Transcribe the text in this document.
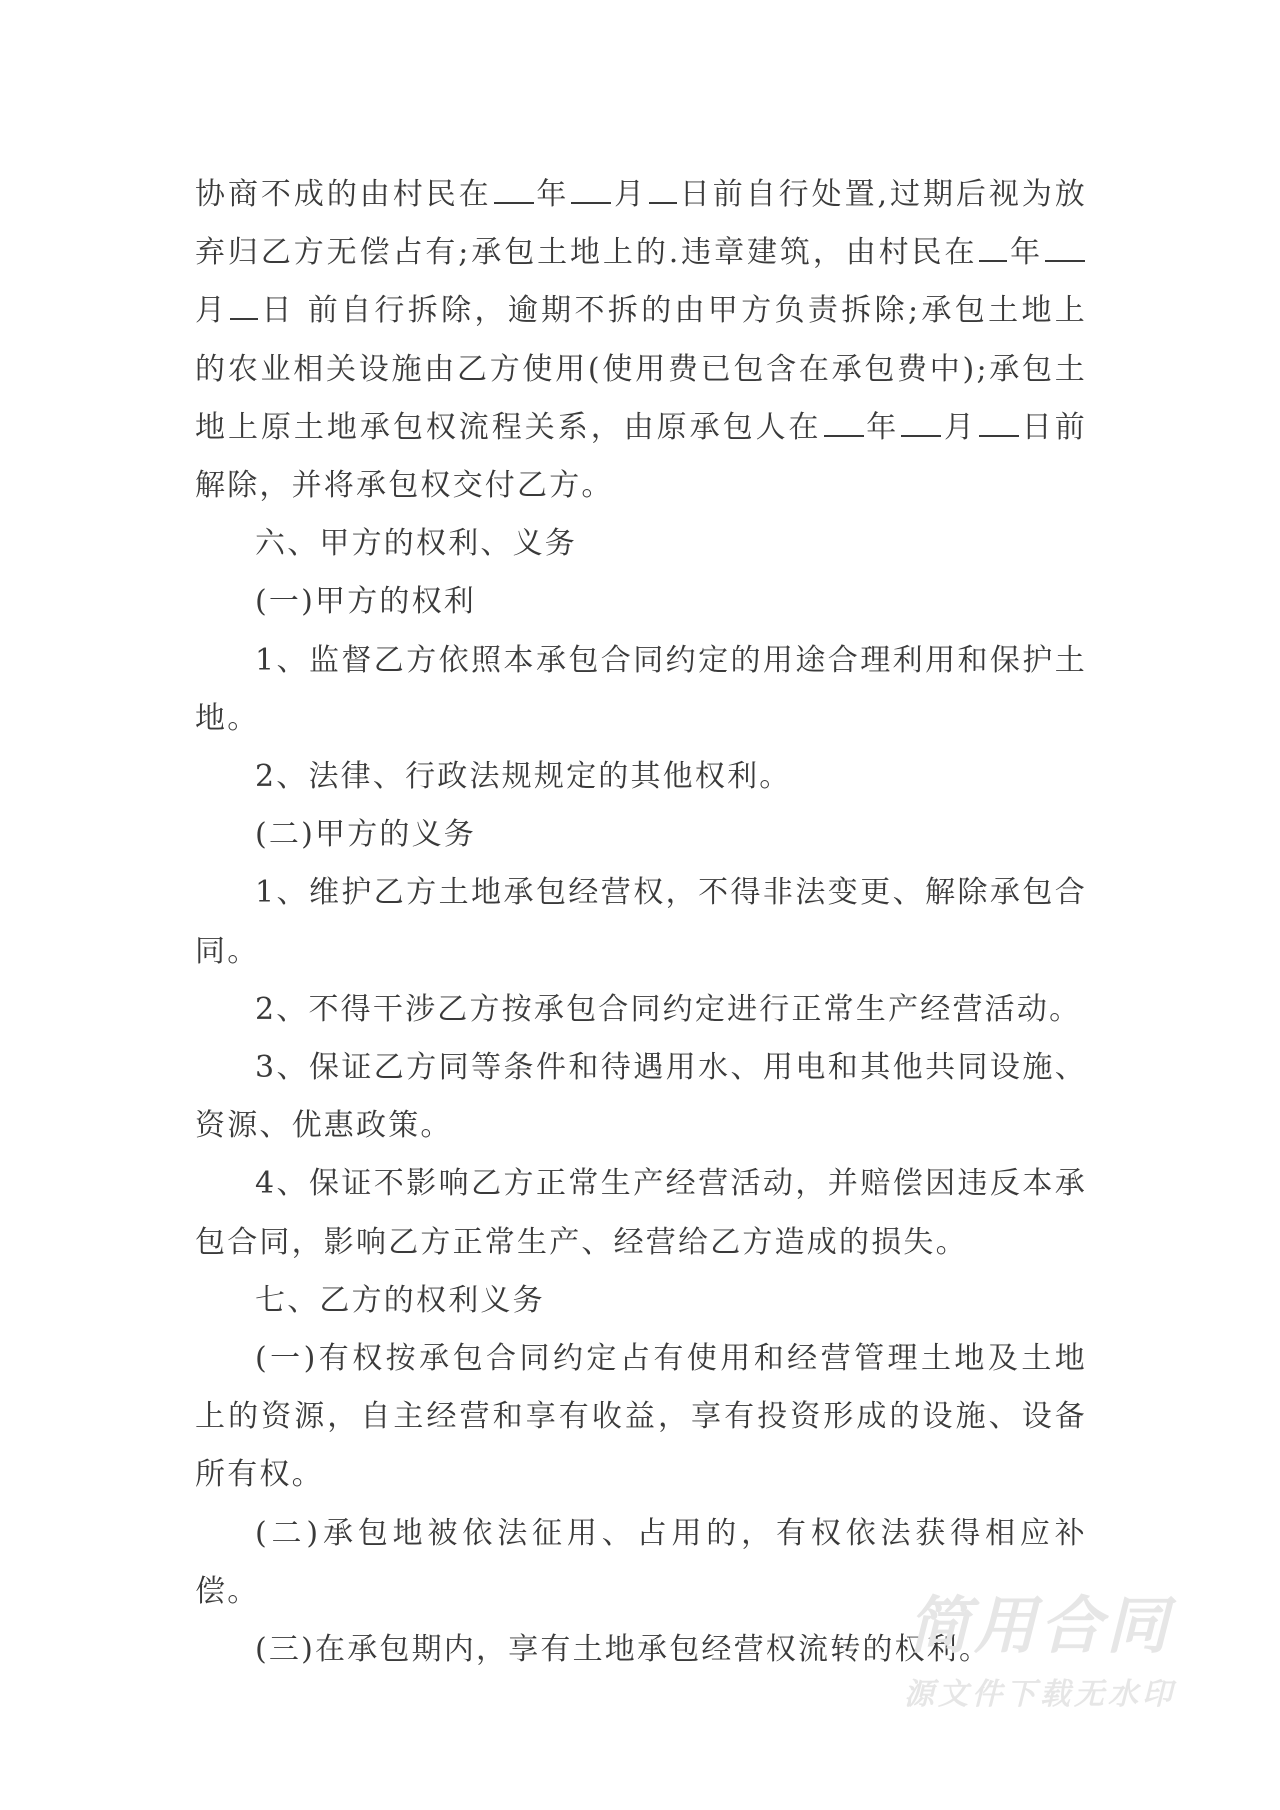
协商不成的由村民在 年 月 日前自行处置,过期后视为放弃归乙方无偿占有;承包土地上的.违章建筑，由村民在 年月 日 前自行拆除，逾期不拆的由甲方负责拆除;承包土地上的农业相关设施由乙方使用(使用费已包含在承包费中);承包土地上原土地承包权流程关系，由原承包人在 年 月 日前解除，并将承包权交付乙方。

六、甲方的权利、义务

(一)甲方的权利

1、监督乙方依照本承包合同约定的用途合理利用和保护土地。

2、法律、行政法规规定的其他权利。

(二)甲方的义务

1、维护乙方土地承包经营权，不得非法变更、解除承包合同。

2、不得干涉乙方按承包合同约定进行正常生产经营活动。

3、保证乙方同等条件和待遇用水、用电和其他共同设施、资源、优惠政策。

4、保证不影响乙方正常生产经营活动，并赔偿因违反本承包合同，影响乙方正常生产、经营给乙方造成的损失。

七、乙方的权利义务

(一)有权按承包合同约定占有使用和经营管理土地及土地上的资源，自主经营和享有收益，享有投资形成的设施、设备所有权。

(二)承包地被依法征用、占用的，有权依法获得相应补偿。

(三)在承包期内，享有土地承包经营权流转的权利。

简用合同
源文件下载无水印
